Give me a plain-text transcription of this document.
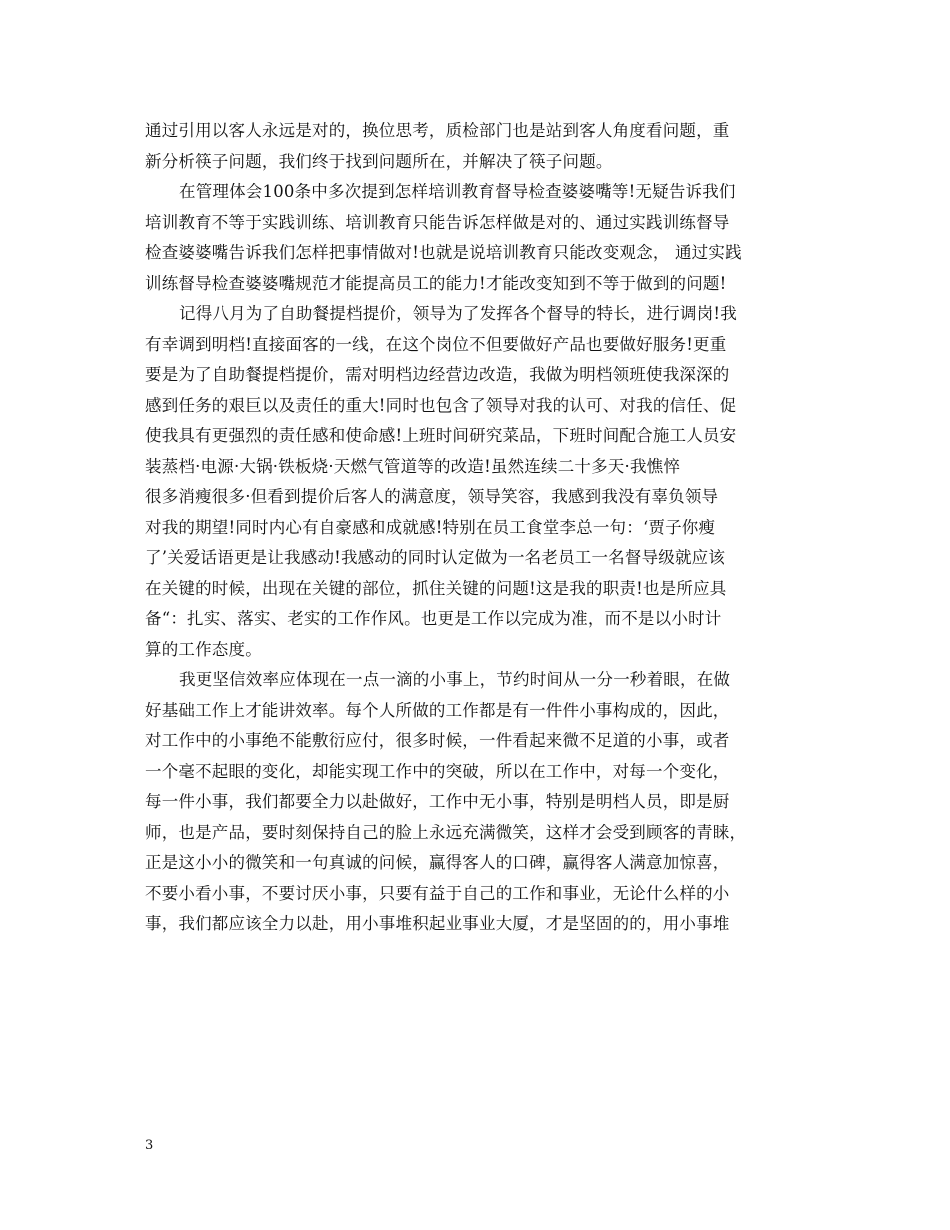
通过引用以客人永远是对的，换位思考，质检部门也是站到客人角度看问题，重
新分析筷子问题，我们终于找到问题所在，并解决了筷子问题。
在管理体会100条中多次提到怎样培训教育督导检查婆婆嘴等!无疑告诉我们
培训教育不等于实践训练、培训教育只能告诉怎样做是对的、通过实践训练督导
检查婆婆嘴告诉我们怎样把事情做对!也就是说培训教育只能改变观念， 通过实践
训练督导检查婆婆嘴规范才能提高员工的能力!才能改变知到不等于做到的问题!
记得八月为了自助餐提档提价，领导为了发挥各个督导的特长，进行调岗!我
有幸调到明档!直接面客的一线，在这个岗位不但要做好产品也要做好服务!更重
要是为了自助餐提档提价，需对明档边经营边改造，我做为明档领班使我深深的
感到任务的艰巨以及责任的重大!同时也包含了领导对我的认可、对我的信任、促
使我具有更强烈的责任感和使命感!上班时间研究菜品，下班时间配合施工人员安
装蒸档·电源·大锅·铁板烧·天燃气管道等的改造!虽然连续二十多天·我憔悴
很多消瘦很多·但看到提价后客人的满意度，领导笑容，我感到我没有辜负领导
对我的期望!同时内心有自豪感和成就感!特别在员工食堂李总一句：‘贾子你瘦
了’关爱话语更是让我感动!我感动的同时认定做为一名老员工一名督导级就应该
在关键的时候，出现在关键的部位，抓住关键的问题!这是我的职责!也是所应具
备“：扎实、落实、老实的工作作风。也更是工作以完成为准，而不是以小时计
算的工作态度。
我更坚信效率应体现在一点一滴的小事上，节约时间从一分一秒着眼，在做
好基础工作上才能讲效率。每个人所做的工作都是有一件件小事构成的，因此，
对工作中的小事绝不能敷衍应付，很多时候，一件看起来微不足道的小事，或者
一个毫不起眼的变化，却能实现工作中的突破，所以在工作中，对每一个变化，
每一件小事，我们都要全力以赴做好，工作中无小事，特别是明档人员，即是厨
师，也是产品，要时刻保持自己的脸上永远充满微笑，这样才会受到顾客的青睐，
正是这小小的微笑和一句真诚的问候，赢得客人的口碑，赢得客人满意加惊喜，
不要小看小事，不要讨厌小事，只要有益于自己的工作和事业，无论什么样的小
事，我们都应该全力以赴，用小事堆积起业事业大厦，才是坚固的的，用小事堆
3
